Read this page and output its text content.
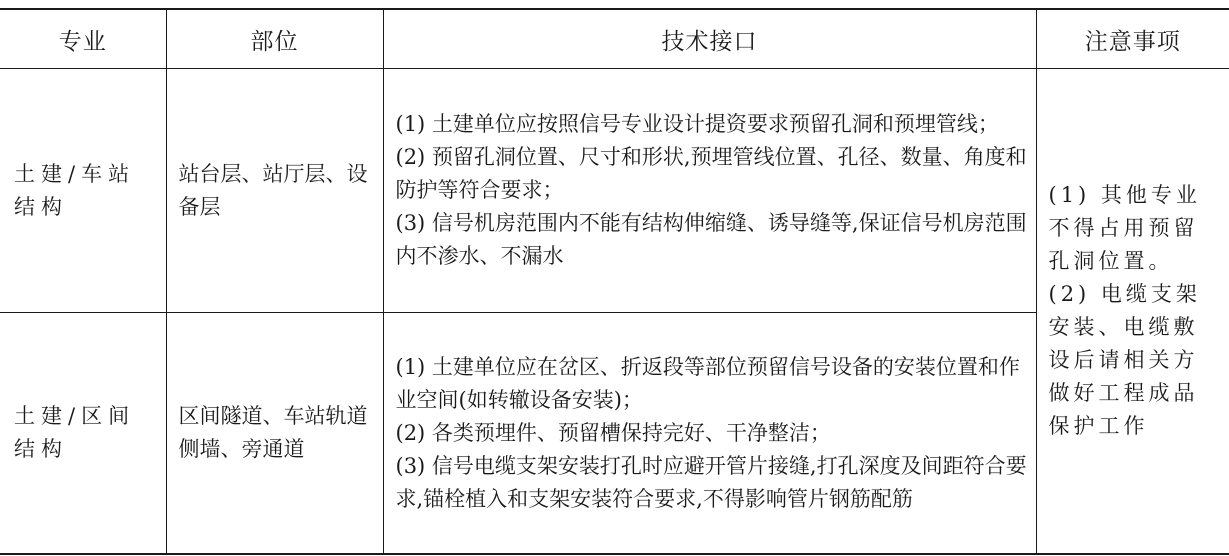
专业	部位	技术接口	注意事项
土建/车站结构	站台层、站厅层、设备层	(1) 土建单位应按照信号专业设计提资要求预留孔洞和预埋管线；
(2) 预留孔洞位置、尺寸和形状,预埋管线位置、孔径、数量、角度和防护等符合要求；
(3) 信号机房范围内不能有结构伸缩缝、诱导缝等,保证信号机房范围内不渗水、不漏水	(1) 其他专业不得占用预留孔洞位置。
(2) 电缆支架安装、电缆敷设后请相关方做好工程成品保护工作

土建/区间结构	区间隧道、车站轨道侧墙、旁通道	(1) 土建单位应在岔区、折返段等部位预留信号设备的安装位置和作业空间(如转辙设备安装)；
(2) 各类预埋件、预留槽保持完好、干净整洁；
(3) 信号电缆支架安装打孔时应避开管片接缝,打孔深度及间距符合要求,锚栓植入和支架安装符合要求,不得影响管片钢筋配筋	
